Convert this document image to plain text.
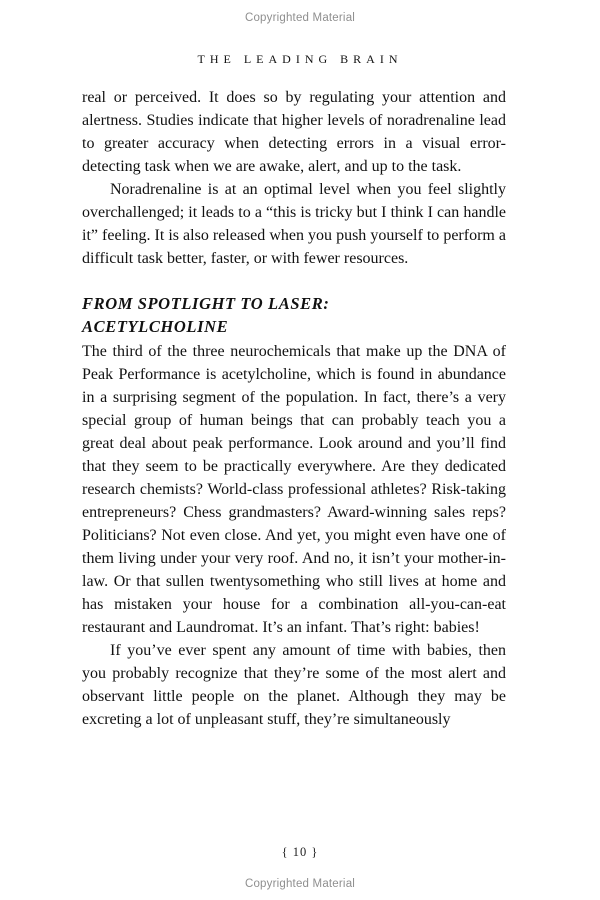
Copyrighted Material
THE LEADING BRAIN

real or perceived. It does so by regulating your attention and alertness. Studies indicate that higher levels of noradrenaline lead to greater accuracy when detecting errors in a visual error-detecting task when we are awake, alert, and up to the task.

Noradrenaline is at an optimal level when you feel slightly overchallenged; it leads to a “this is tricky but I think I can handle it” feeling. It is also released when you push yourself to perform a difficult task better, faster, or with fewer resources.

FROM SPOTLIGHT TO LASER:
ACETYLCHOLINE

The third of the three neurochemicals that make up the DNA of Peak Performance is acetylcholine, which is found in abundance in a surprising segment of the population. In fact, there’s a very special group of human beings that can probably teach you a great deal about peak performance. Look around and you’ll find that they seem to be practically everywhere. Are they dedicated research chemists? World-class professional athletes? Risk-taking entrepreneurs? Chess grandmasters? Award-winning sales reps? Politicians? Not even close. And yet, you might even have one of them living under your very roof. And no, it isn’t your mother-in-law. Or that sullen twentysomething who still lives at home and has mistaken your house for a combination all-you-can-eat restaurant and Laundromat. It’s an infant. That’s right: babies!

If you’ve ever spent any amount of time with babies, then you probably recognize that they’re some of the most alert and observant little people on the planet. Although they may be excreting a lot of unpleasant stuff, they’re simultaneously

{ 10 }
Copyrighted Material
